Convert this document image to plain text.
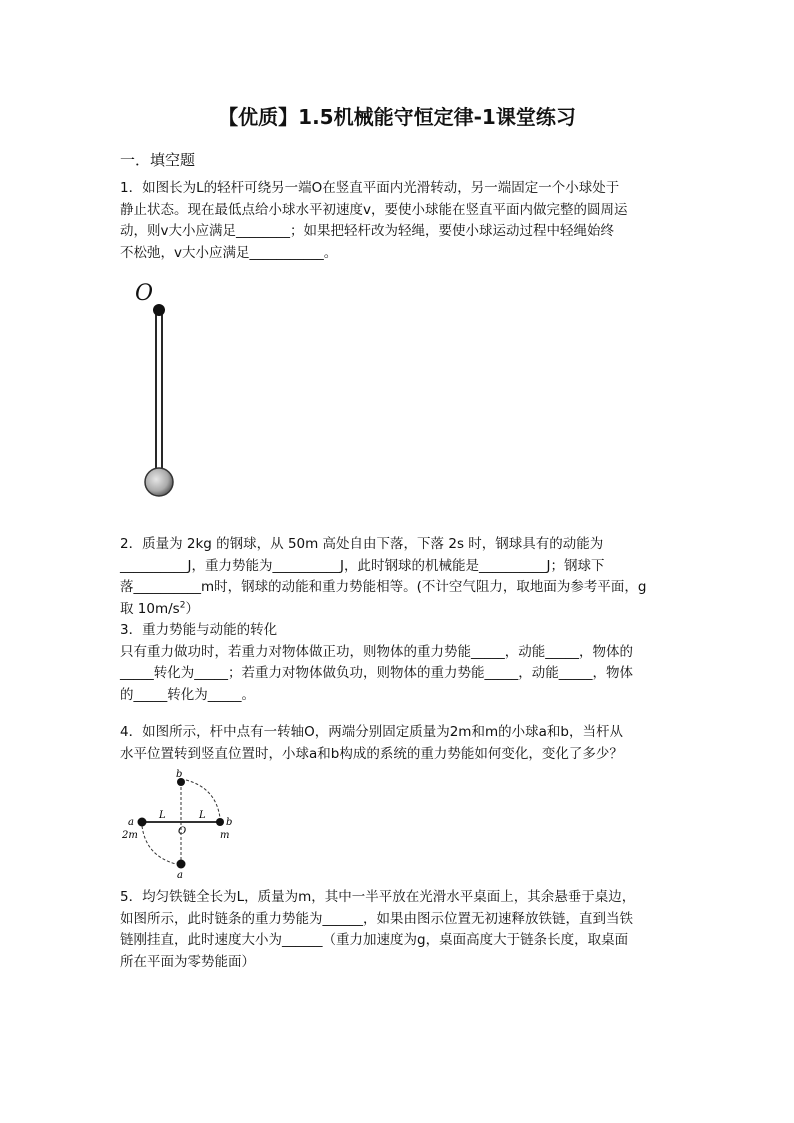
【优质】1.5机械能守恒定律-1课堂练习
一．填空题
1．如图长为L的轻杆可绕另一端O在竖直平面内光滑转动，另一端固定一个小球处于
静止状态。现在最低点给小球水平初速度v，要使小球能在竖直平面内做完整的圆周运
动，则v大小应满足________；如果把轻杆改为轻绳，要使小球运动过程中轻绳始终
不松弛，v大小应满足___________。
O
2．质量为 2kg 的钢球，从 50m 高处自由下落，下落 2s 时，钢球具有的动能为
__________J，重力势能为__________J，此时钢球的机械能是__________J；钢球下
落__________m时，钢球的动能和重力势能相等。(不计空气阻力，取地面为参考平面，g
取 $10m/s^2$）
3．重力势能与动能的转化
只有重力做功时，若重力对物体做正功，则物体的重力势能_____，动能_____，物体的
_____转化为_____；若重力对物体做负功，则物体的重力势能_____，动能_____，物体
的_____转化为_____。
4．如图所示，杆中点有一转轴O，两端分别固定质量为2m和m的小球a和b，当杆从
水平位置转到竖直位置时，小球a和b构成的系统的重力势能如何变化，变化了多少？
b
a
2m
L
O
L
b
m
a
5．均匀铁链全长为L，质量为m，其中一半平放在光滑水平桌面上，其余悬垂于桌边，
如图所示，此时链条的重力势能为______，如果由图示位置无初速释放铁链，直到当铁
链刚挂直，此时速度大小为______（重力加速度为g，桌面高度大于链条长度，取桌面
所在平面为零势能面）
